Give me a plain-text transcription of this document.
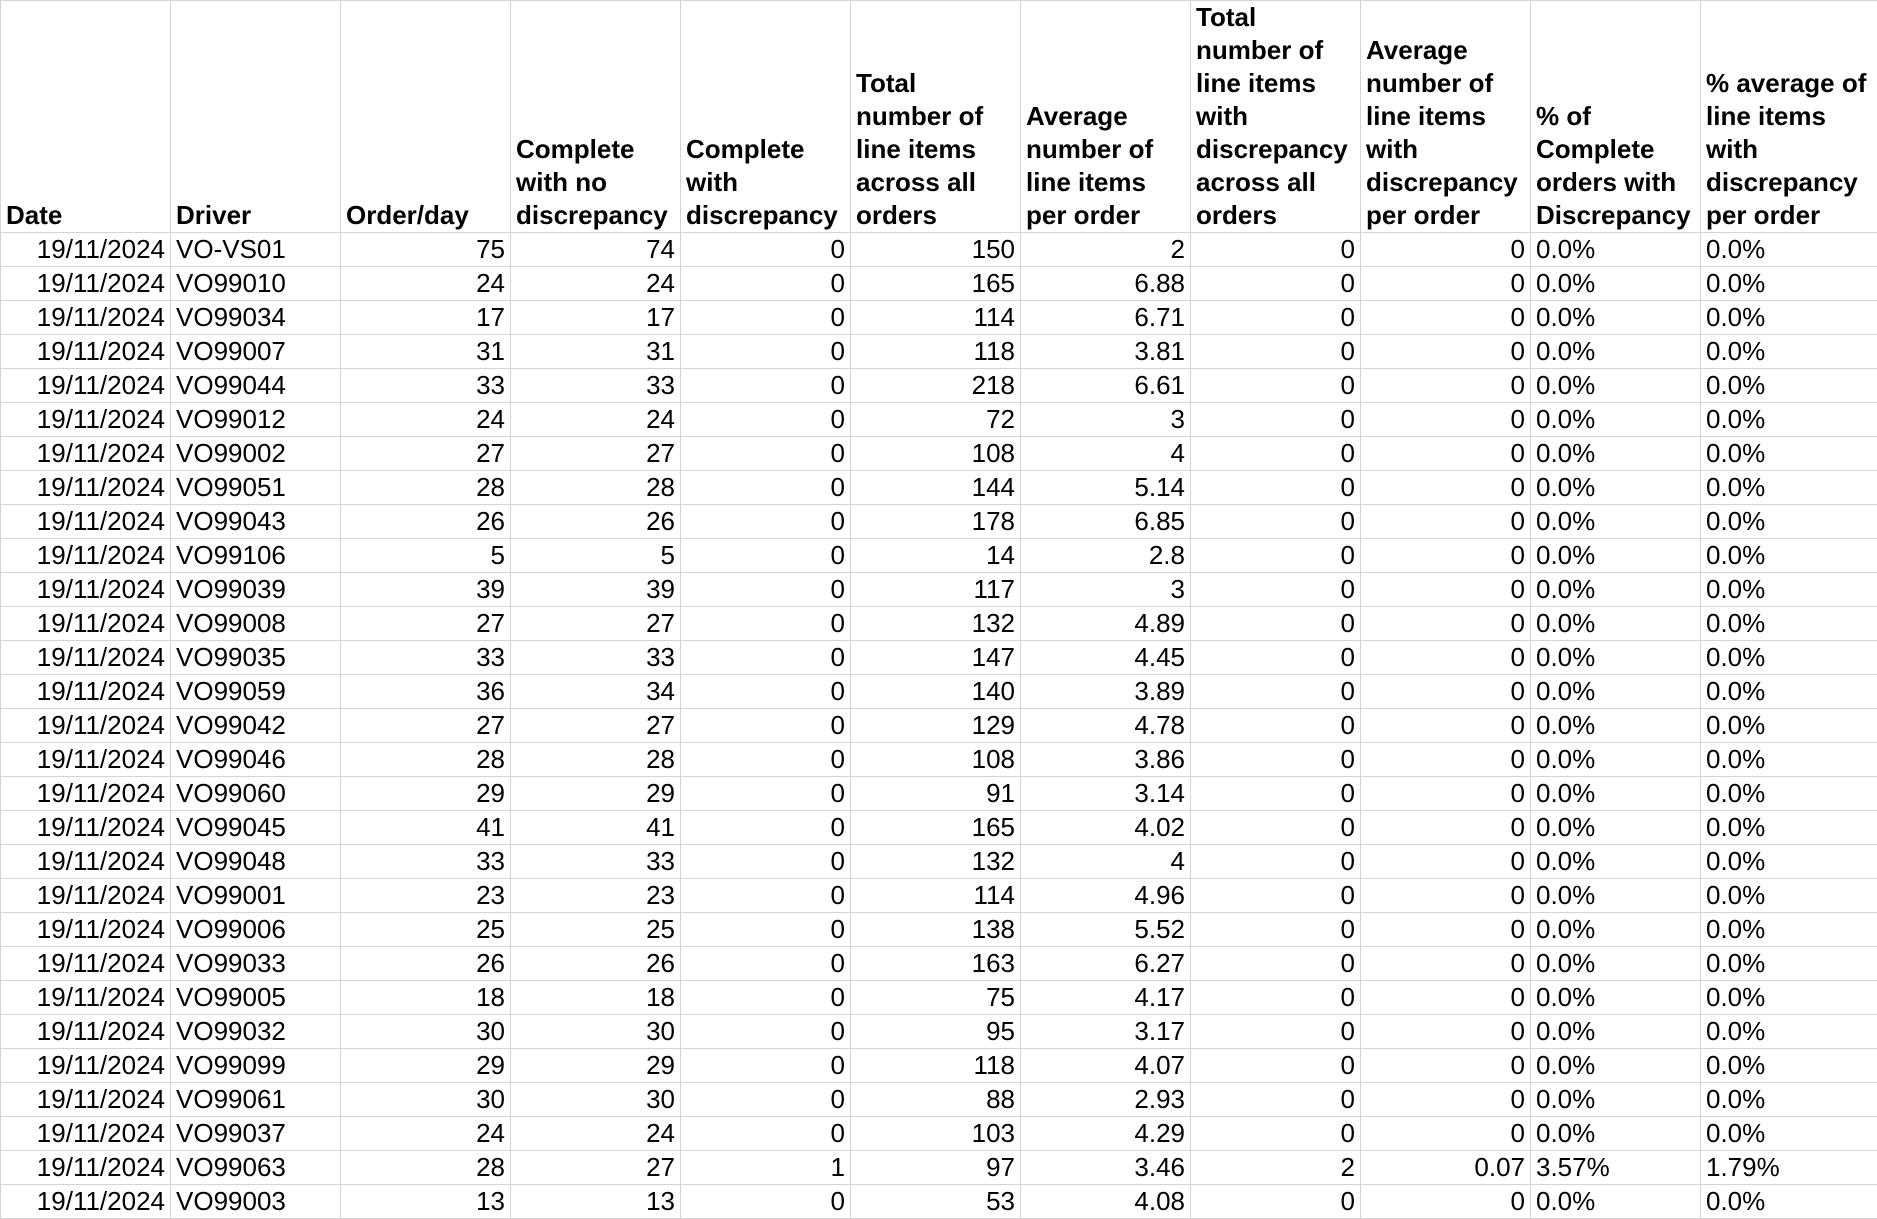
Date	Driver	Order/day	Complete with no discrepancy	Complete with discrepancy	Total number of line items across all orders	Average number of line items per order	Total number of line items with discrepancy across all orders	Average number of line items with discrepancy per order	% of Complete orders with Discrepancy	% average of line items with discrepancy per order
19/11/2024	VO-VS01	75	74	0	150	2	0	0	0.0%	0.0%
19/11/2024	VO99010	24	24	0	165	6.88	0	0	0.0%	0.0%
19/11/2024	VO99034	17	17	0	114	6.71	0	0	0.0%	0.0%
19/11/2024	VO99007	31	31	0	118	3.81	0	0	0.0%	0.0%
19/11/2024	VO99044	33	33	0	218	6.61	0	0	0.0%	0.0%
19/11/2024	VO99012	24	24	0	72	3	0	0	0.0%	0.0%
19/11/2024	VO99002	27	27	0	108	4	0	0	0.0%	0.0%
19/11/2024	VO99051	28	28	0	144	5.14	0	0	0.0%	0.0%
19/11/2024	VO99043	26	26	0	178	6.85	0	0	0.0%	0.0%
19/11/2024	VO99106	5	5	0	14	2.8	0	0	0.0%	0.0%
19/11/2024	VO99039	39	39	0	117	3	0	0	0.0%	0.0%
19/11/2024	VO99008	27	27	0	132	4.89	0	0	0.0%	0.0%
19/11/2024	VO99035	33	33	0	147	4.45	0	0	0.0%	0.0%
19/11/2024	VO99059	36	34	0	140	3.89	0	0	0.0%	0.0%
19/11/2024	VO99042	27	27	0	129	4.78	0	0	0.0%	0.0%
19/11/2024	VO99046	28	28	0	108	3.86	0	0	0.0%	0.0%
19/11/2024	VO99060	29	29	0	91	3.14	0	0	0.0%	0.0%
19/11/2024	VO99045	41	41	0	165	4.02	0	0	0.0%	0.0%
19/11/2024	VO99048	33	33	0	132	4	0	0	0.0%	0.0%
19/11/2024	VO99001	23	23	0	114	4.96	0	0	0.0%	0.0%
19/11/2024	VO99006	25	25	0	138	5.52	0	0	0.0%	0.0%
19/11/2024	VO99033	26	26	0	163	6.27	0	0	0.0%	0.0%
19/11/2024	VO99005	18	18	0	75	4.17	0	0	0.0%	0.0%
19/11/2024	VO99032	30	30	0	95	3.17	0	0	0.0%	0.0%
19/11/2024	VO99099	29	29	0	118	4.07	0	0	0.0%	0.0%
19/11/2024	VO99061	30	30	0	88	2.93	0	0	0.0%	0.0%
19/11/2024	VO99037	24	24	0	103	4.29	0	0	0.0%	0.0%
19/11/2024	VO99063	28	27	1	97	3.46	2	0.07	3.57%	1.79%
19/11/2024	VO99003	13	13	0	53	4.08	0	0	0.0%	0.0%
